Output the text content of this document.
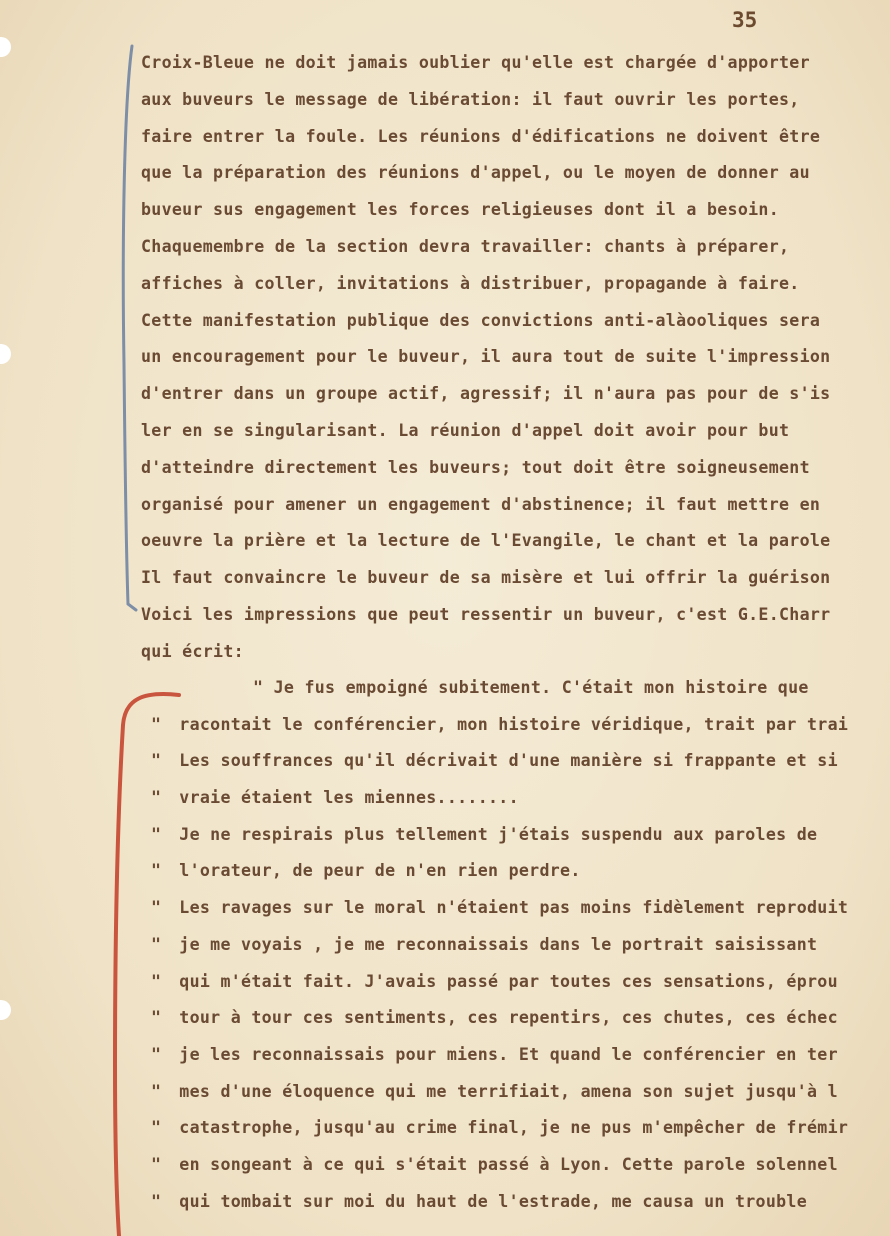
35
Croix-Bleue ne doit jamais oublier qu'elle est chargée d'apporter
aux buveurs le message de libération: il faut ouvrir les portes,
faire entrer la foule. Les réunions d'édifications ne doivent être
que la préparation des réunions d'appel, ou le moyen de donner au
buveur sus engagement les forces religieuses dont il a besoin.
Chaquemembre de la section devra travailler: chants à préparer,
affiches à coller, invitations à distribuer, propagande à faire.
Cette manifestation publique des convictions anti-alàooliques sera
un encouragement pour le buveur, il aura tout de suite l'impression
d'entrer dans un groupe actif, agressif; il n'aura pas pour de s'is
ler en se singularisant. La réunion d'appel doit avoir pour but
d'atteindre directement les buveurs; tout doit être soigneusement
organisé pour amener un engagement d'abstinence; il faut mettre en
oeuvre la prière et la lecture de l'Evangile, le chant et la parole
Il faut convaincre le buveur de sa misère et lui offrir la guérison
Voici les impressions que peut ressentir un buveur, c'est G.E.Charr
qui écrit:
" Je fus empoigné subitement. C'était mon histoire que
" racontait le conférencier, mon histoire véridique, trait par trai
" Les souffrances qu'il décrivait d'une manière si frappante et si
" vraie étaient les miennes........
" Je ne respirais plus tellement j'étais suspendu aux paroles de
" l'orateur, de peur de n'en rien perdre.
" Les ravages sur le moral n'étaient pas moins fidèlement reproduit
" je me voyais , je me reconnaissais dans le portrait saisissant
" qui m'était fait. J'avais passé par toutes ces sensations, éprou
" tour à tour ces sentiments, ces repentirs, ces chutes, ces échec
" je les reconnaissais pour miens. Et quand le conférencier en ter
" mes d'une éloquence qui me terrifiait, amena son sujet jusqu'à l
" catastrophe, jusqu'au crime final, je ne pus m'empêcher de frémir
" en songeant à ce qui s'était passé à Lyon. Cette parole solennel
" qui tombait sur moi du haut de l'estrade, me causa un trouble
